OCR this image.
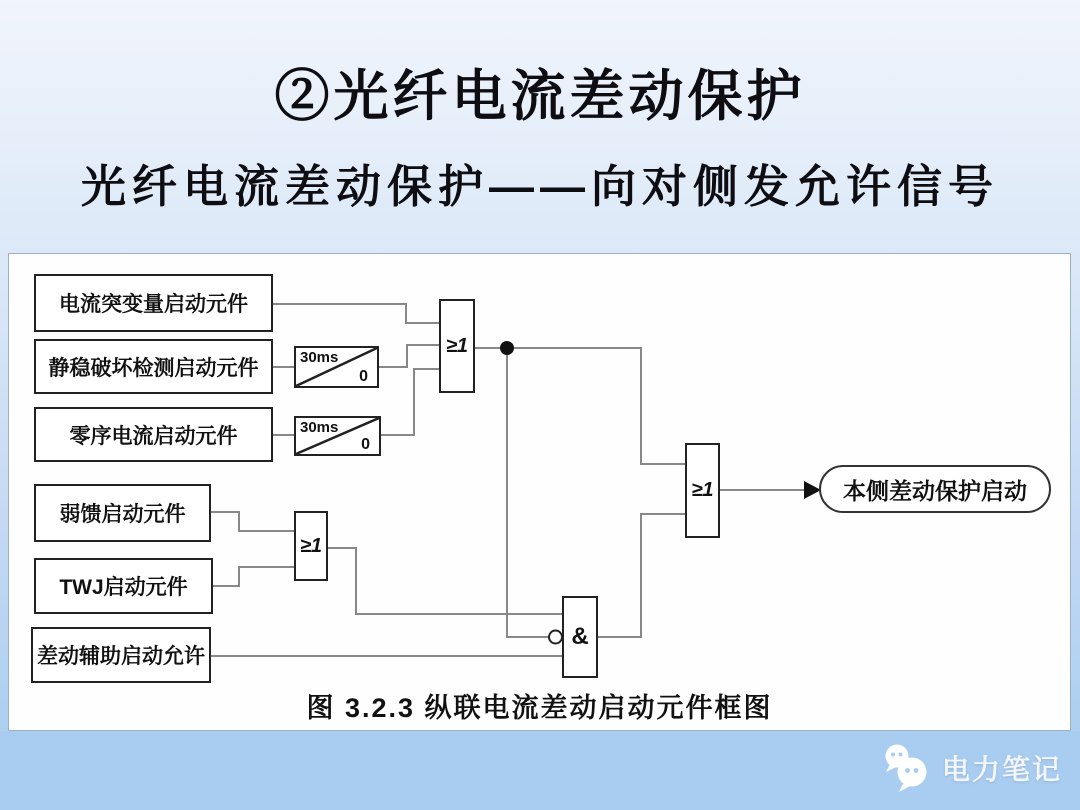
②光纤电流差动保护
光纤电流差动保护——向对侧发允许信号
电流突变量启动元件
静稳破坏检测启动元件
零序电流启动元件
弱馈启动元件
TWJ启动元件
差动辅助启动允许
30ms
0
30ms
0
≥1
≥1
≥1
&
本侧差动保护启动
图 3.2.3 纵联电流差动启动元件框图
电力笔记
